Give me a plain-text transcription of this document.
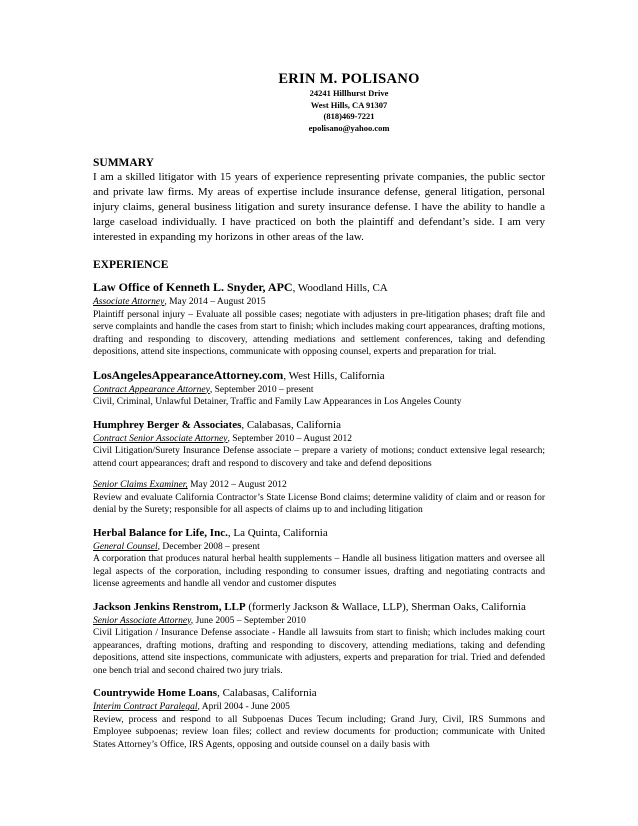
ERIN M. POLISANO
24241 Hillhurst Drive
West Hills, CA 91307
(818)469-7221
epolisano@yahoo.com
SUMMARY

I am a skilled litigator with 15 years of experience representing private companies, the public sector and private law firms. My areas of expertise include insurance defense, general litigation, personal injury claims, general business litigation and surety insurance defense. I have the ability to handle a large caseload individually. I have practiced on both the plaintiff and defendant’s side. I am very interested in expanding my horizons in other areas of the law.

EXPERIENCE
Law Office of Kenneth L. Snyder, APC, Woodland Hills, CA
Associate Attorney, May 2014 – August 2015

Plaintiff personal injury – Evaluate all possible cases; negotiate with adjusters in pre-litigation phases; draft file and serve complaints and handle the cases from start to finish; which includes making court appearances, drafting motions, drafting and responding to discovery, attending mediations and settlement conferences, taking and defending depositions, attend site inspections, communicate with opposing counsel, experts and preparation for trial.

LosAngelesAppearanceAttorney.com, West Hills, California
Contract Appearance Attorney, September 2010 – present

Civil, Criminal, Unlawful Detainer, Traffic and Family Law Appearances in Los Angeles County

Humphrey Berger & Associates, Calabasas, California
Contract Senior Associate Attorney, September 2010 – August 2012

Civil Litigation/Surety Insurance Defense associate – prepare a variety of motions; conduct extensive legal research; attend court appearances; draft and respond to discovery and take and defend depositions

Senior Claims Examiner, May 2012 – August 2012

Review and evaluate California Contractor’s State License Bond claims; determine validity of claim and or reason for denial by the Surety; responsible for all aspects of claims up to and including litigation

Herbal Balance for Life, Inc., La Quinta, California
General Counsel, December 2008 – present

A corporation that produces natural herbal health supplements – Handle all business litigation matters and oversee all legal aspects of the corporation, including responding to consumer issues, drafting and negotiating contracts and license agreements and handle all vendor and customer disputes

Jackson Jenkins Renstrom, LLP (formerly Jackson & Wallace, LLP), Sherman Oaks, California
Senior Associate Attorney, June 2005 – September 2010

Civil Litigation / Insurance Defense associate - Handle all lawsuits from start to finish; which includes making court appearances, drafting motions, drafting and responding to discovery, attending mediations, taking and defending depositions, attend site inspections, communicate with adjusters, experts and preparation for trial. Tried and defended one bench trial and second chaired two jury trials.

Countrywide Home Loans, Calabasas, California
Interim Contract Paralegal, April 2004 - June 2005

Review, process and respond to all Subpoenas Duces Tecum including; Grand Jury, Civil, IRS Summons and Employee subpoenas; review loan files; collect and review documents for production; communicate with United States Attorney’s Office, IRS Agents, opposing and outside counsel on a daily basis with
